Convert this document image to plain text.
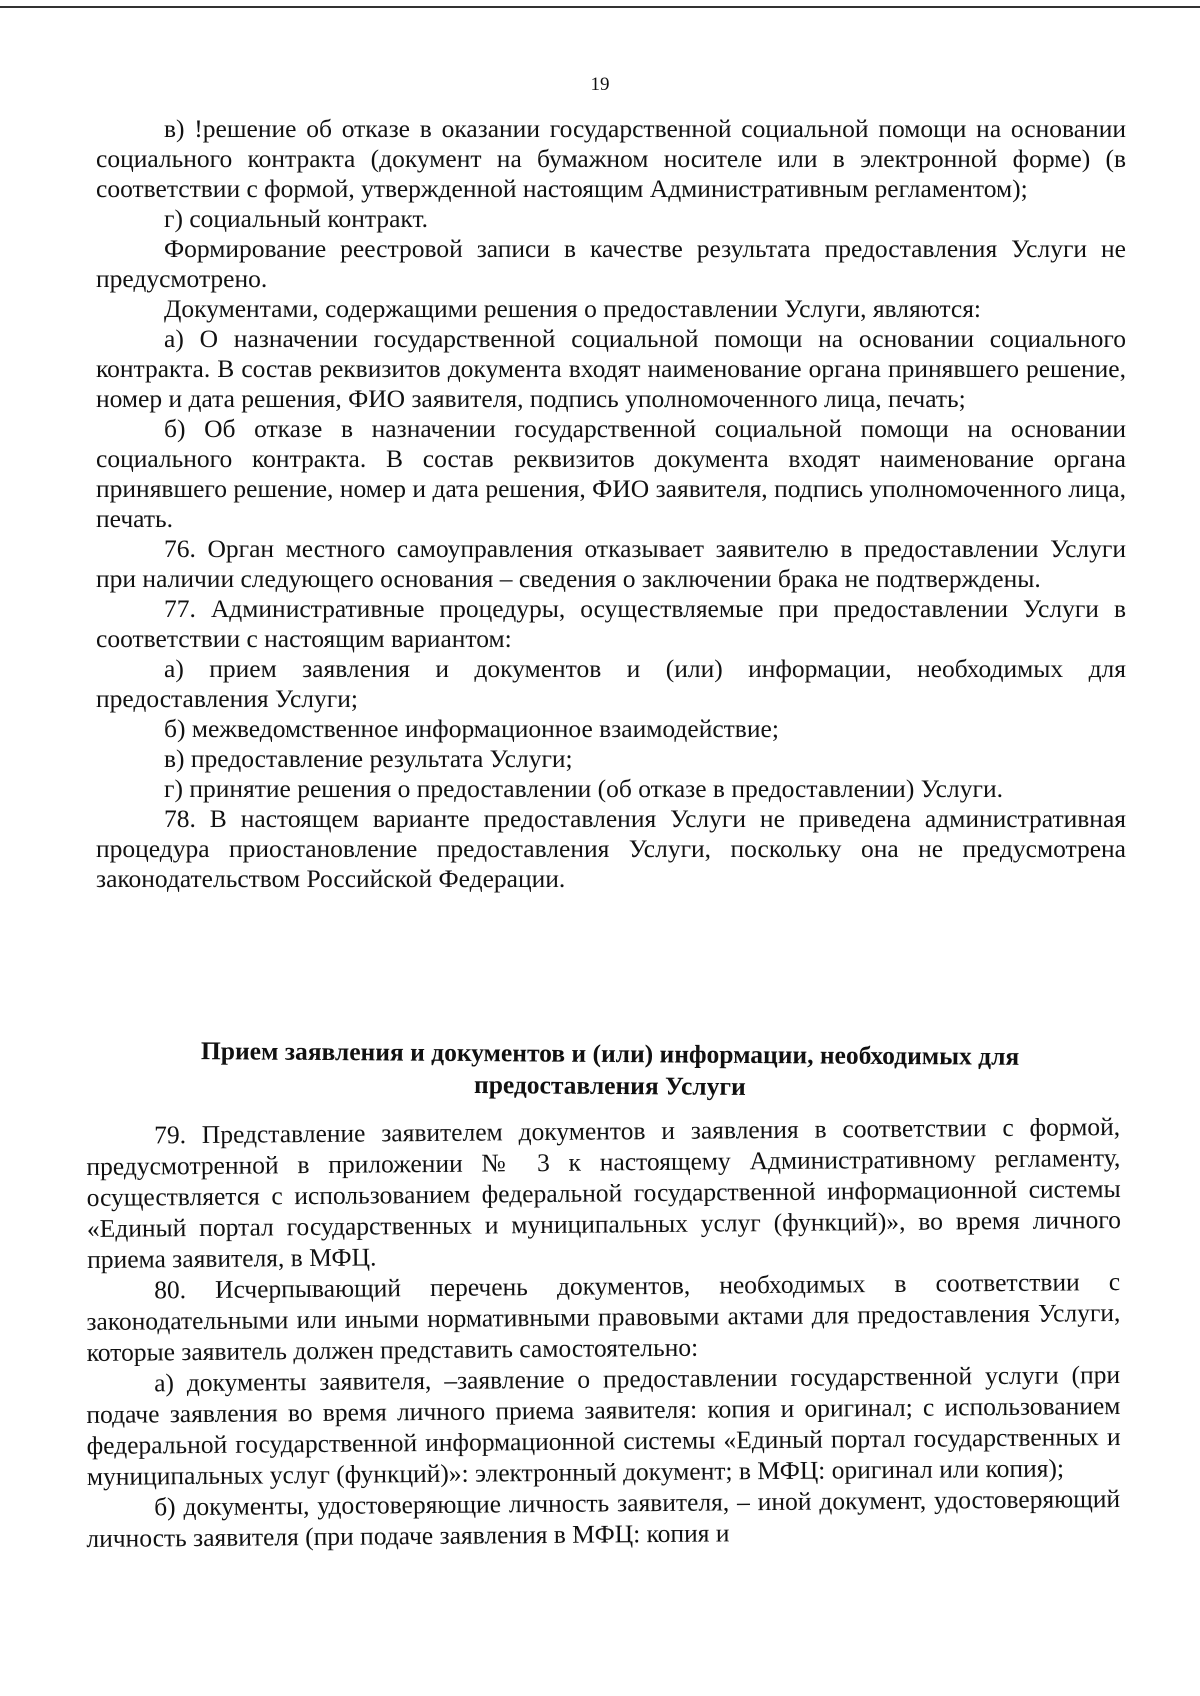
19

в) !решение об отказе в оказании государственной социальной помощи на основании социального контракта (документ на бумажном носителе или в электронной форме) (в соответствии с формой, утвержденной настоящим Административным регламентом);

г) социальный контракт.

Формирование реестровой записи в качестве результата предоставления Услуги не предусмотрено.

Документами, содержащими решения о предоставлении Услуги, являются:

а) О назначении государственной социальной помощи на основании социального контракта. В состав реквизитов документа входят наименование органа принявшего решение, номер и дата решения, ФИО заявителя, подпись уполномоченного лица, печать;

б) Об отказе в назначении государственной социальной помощи на основании социального контракта. В состав реквизитов документа входят наименование органа принявшего решение, номер и дата решения, ФИО заявителя, подпись уполномоченного лица, печать.

76. Орган местного самоуправления отказывает заявителю в предоставлении Услуги при наличии следующего основания – сведения о заключении брака не подтверждены.

77. Административные процедуры, осуществляемые при предоставлении Услуги в соответствии с настоящим вариантом:

а) прием заявления и документов и (или) информации, необходимых для предоставления Услуги;

б) межведомственное информационное взаимодействие;

в) предоставление результата Услуги;

г) принятие решения о предоставлении (об отказе в предоставлении) Услуги.

78. В настоящем варианте предоставления Услуги не приведена административная процедура приостановление предоставления Услуги, поскольку она не предусмотрена законодательством Российской Федерации.

Прием заявления и документов и (или) информации, необходимых для
предоставления Услуги

79. Представление заявителем документов и заявления в соответствии с формой, предусмотренной в приложении № 3 к настоящему Административному регламенту, осуществляется с использованием федеральной государственной информационной системы «Единый портал государственных и муниципальных услуг (функций)», во время личного приема заявителя, в МФЦ.

80. Исчерпывающий перечень документов, необходимых в соответствии с законодательными или иными нормативными правовыми актами для предоставления Услуги, которые заявитель должен представить самостоятельно:

а) документы заявителя, –заявление о предоставлении государственной услуги (при подаче заявления во время личного приема заявителя: копия и оригинал; с использованием федеральной государственной информационной системы «Единый портал государственных и муниципальных услуг (функций)»: электронный документ; в МФЦ: оригинал или копия);

б) документы, удостоверяющие личность заявителя, – иной документ, удостоверяющий личность заявителя (при подаче заявления в МФЦ: копия и
